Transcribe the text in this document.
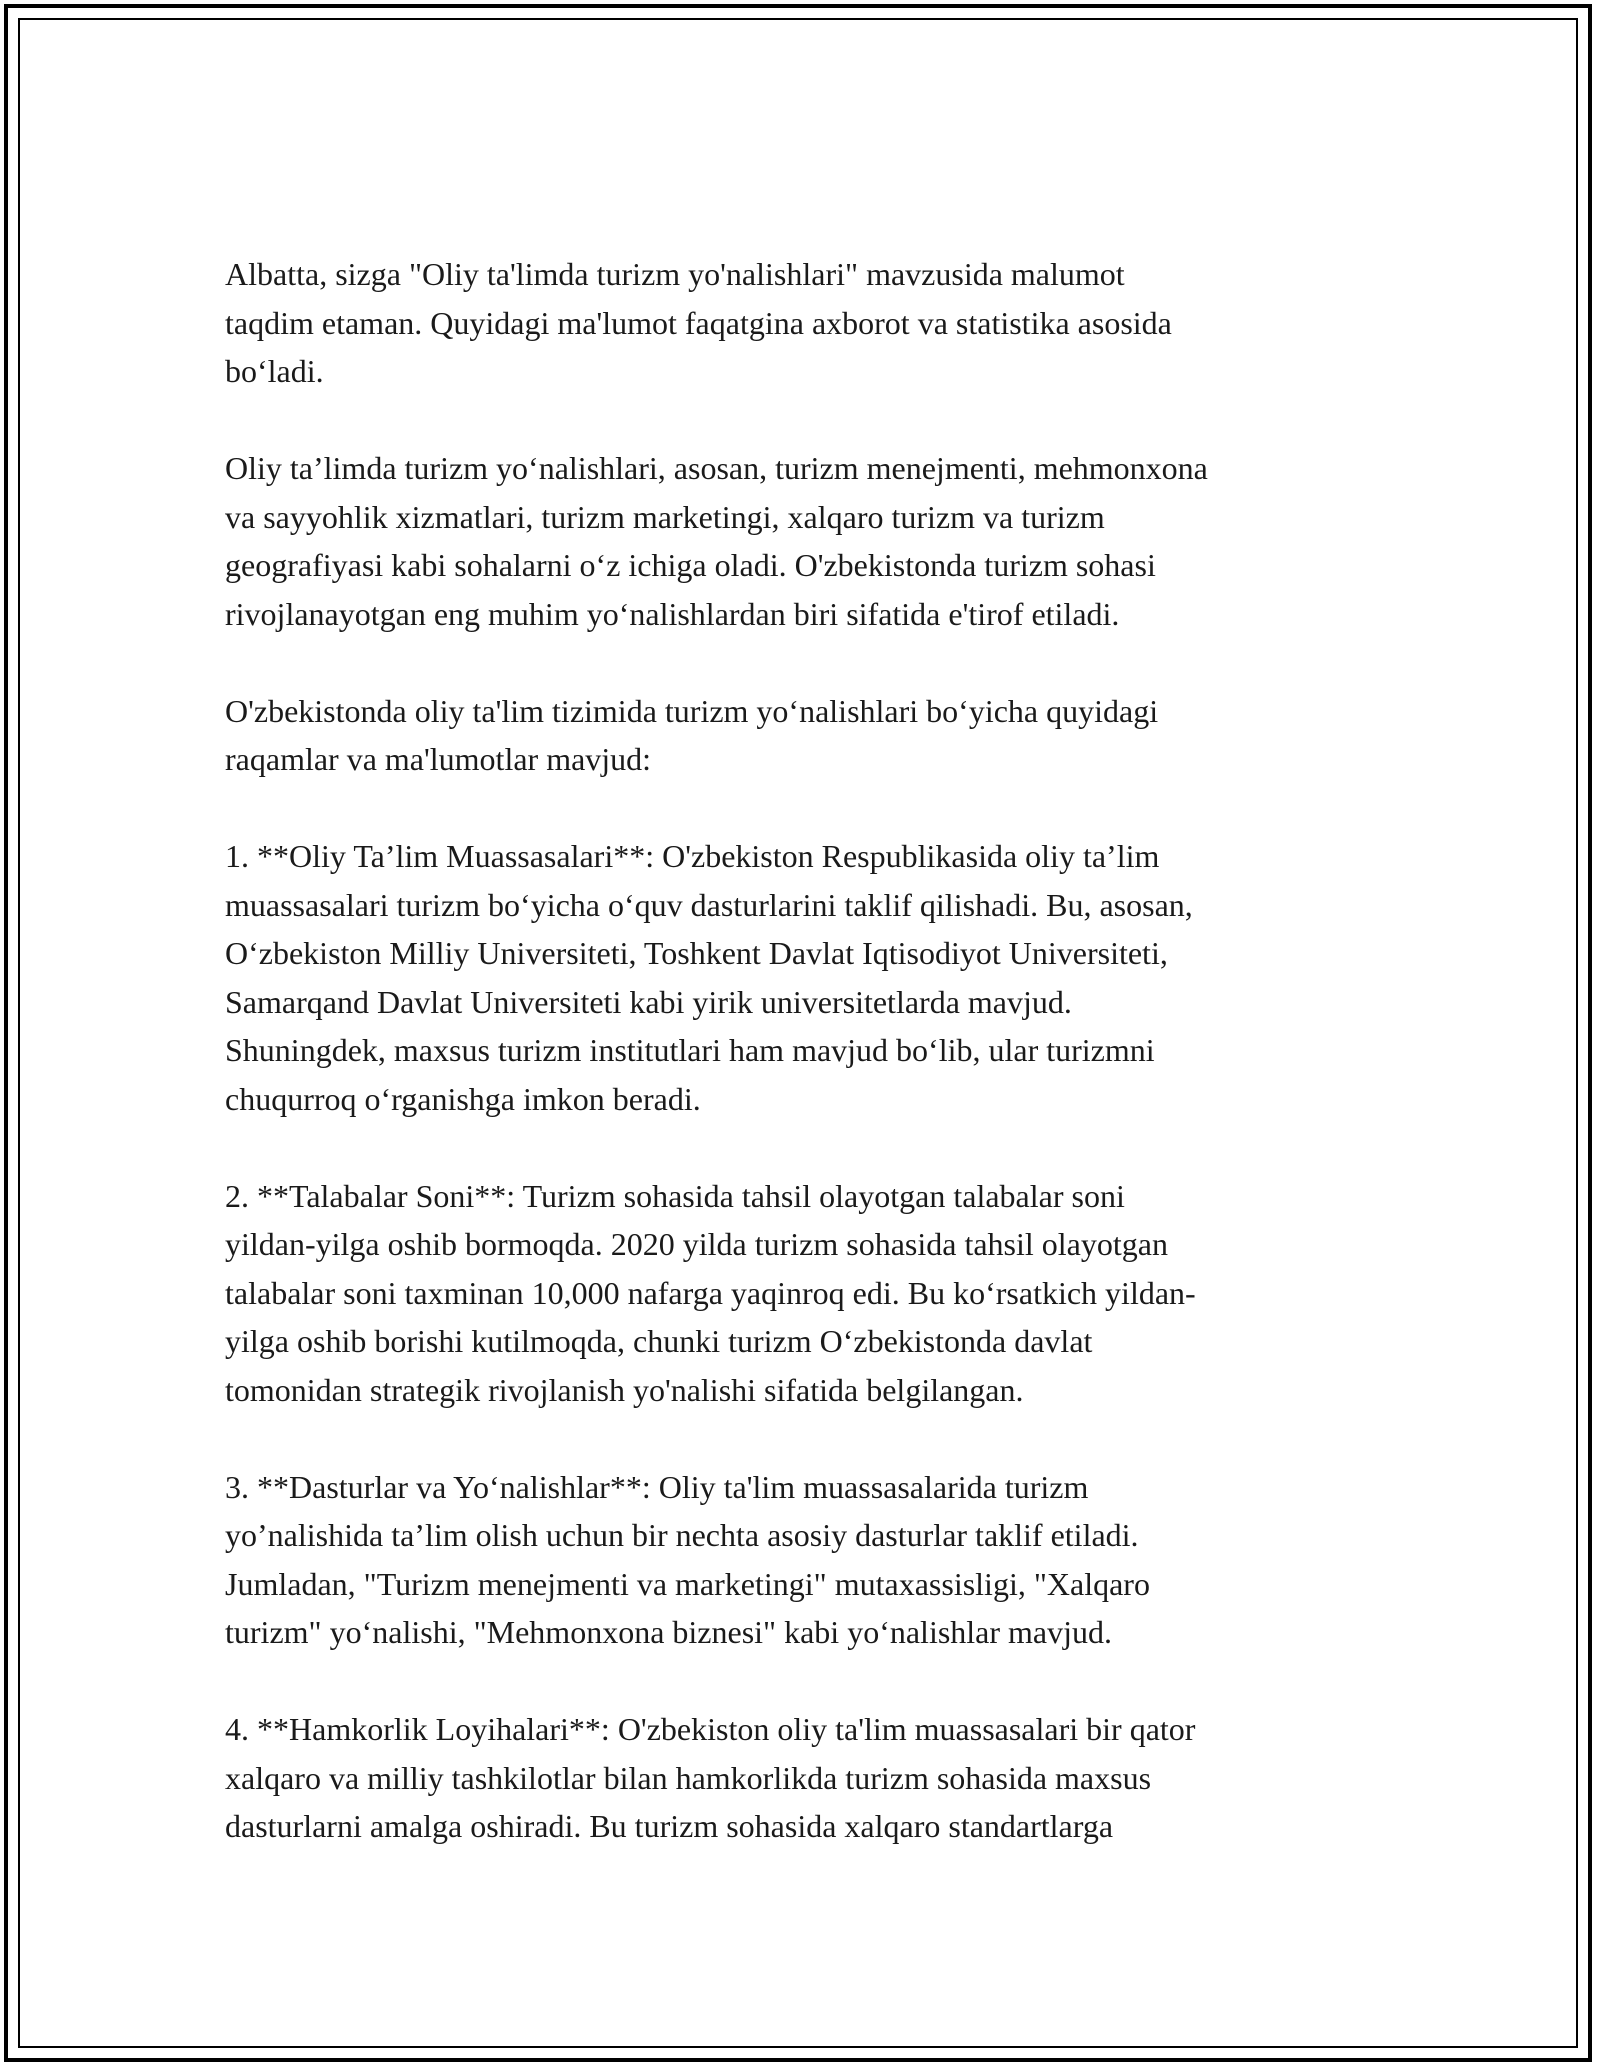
Albatta, sizga "Oliy ta'limda turizm yo'nalishlari" mavzusida malumot
taqdim etaman. Quyidagi ma'lumot faqatgina axborot va statistika asosida
bo‘ladi.

Oliy ta’limda turizm yo‘nalishlari, asosan, turizm menejmenti, mehmonxona
va sayyohlik xizmatlari, turizm marketingi, xalqaro turizm va turizm
geografiyasi kabi sohalarni o‘z ichiga oladi. O'zbekistonda turizm sohasi
rivojlanayotgan eng muhim yo‘nalishlardan biri sifatida e'tirof etiladi.

O'zbekistonda oliy ta'lim tizimida turizm yo‘nalishlari bo‘yicha quyidagi
raqamlar va ma'lumotlar mavjud:

1. **Oliy Ta’lim Muassasalari**: O'zbekiston Respublikasida oliy ta’lim
muassasalari turizm bo‘yicha o‘quv dasturlarini taklif qilishadi. Bu, asosan,
O‘zbekiston Milliy Universiteti, Toshkent Davlat Iqtisodiyot Universiteti,
Samarqand Davlat Universiteti kabi yirik universitetlarda mavjud.
Shuningdek, maxsus turizm institutlari ham mavjud bo‘lib, ular turizmni
chuqurroq o‘rganishga imkon beradi.

2. **Talabalar Soni**: Turizm sohasida tahsil olayotgan talabalar soni
yildan-yilga oshib bormoqda. 2020 yilda turizm sohasida tahsil olayotgan
talabalar soni taxminan 10,000 nafarga yaqinroq edi. Bu ko‘rsatkich yildan-
yilga oshib borishi kutilmoqda, chunki turizm O‘zbekistonda davlat
tomonidan strategik rivojlanish yo'nalishi sifatida belgilangan.

3. **Dasturlar va Yo‘nalishlar**: Oliy ta'lim muassasalarida turizm
yo’nalishida ta’lim olish uchun bir nechta asosiy dasturlar taklif etiladi.
Jumladan, "Turizm menejmenti va marketingi" mutaxassisligi, "Xalqaro
turizm" yo‘nalishi, "Mehmonxona biznesi" kabi yo‘nalishlar mavjud.

4. **Hamkorlik Loyihalari**: O'zbekiston oliy ta'lim muassasalari bir qator
xalqaro va milliy tashkilotlar bilan hamkorlikda turizm sohasida maxsus
dasturlarni amalga oshiradi. Bu turizm sohasida xalqaro standartlarga
